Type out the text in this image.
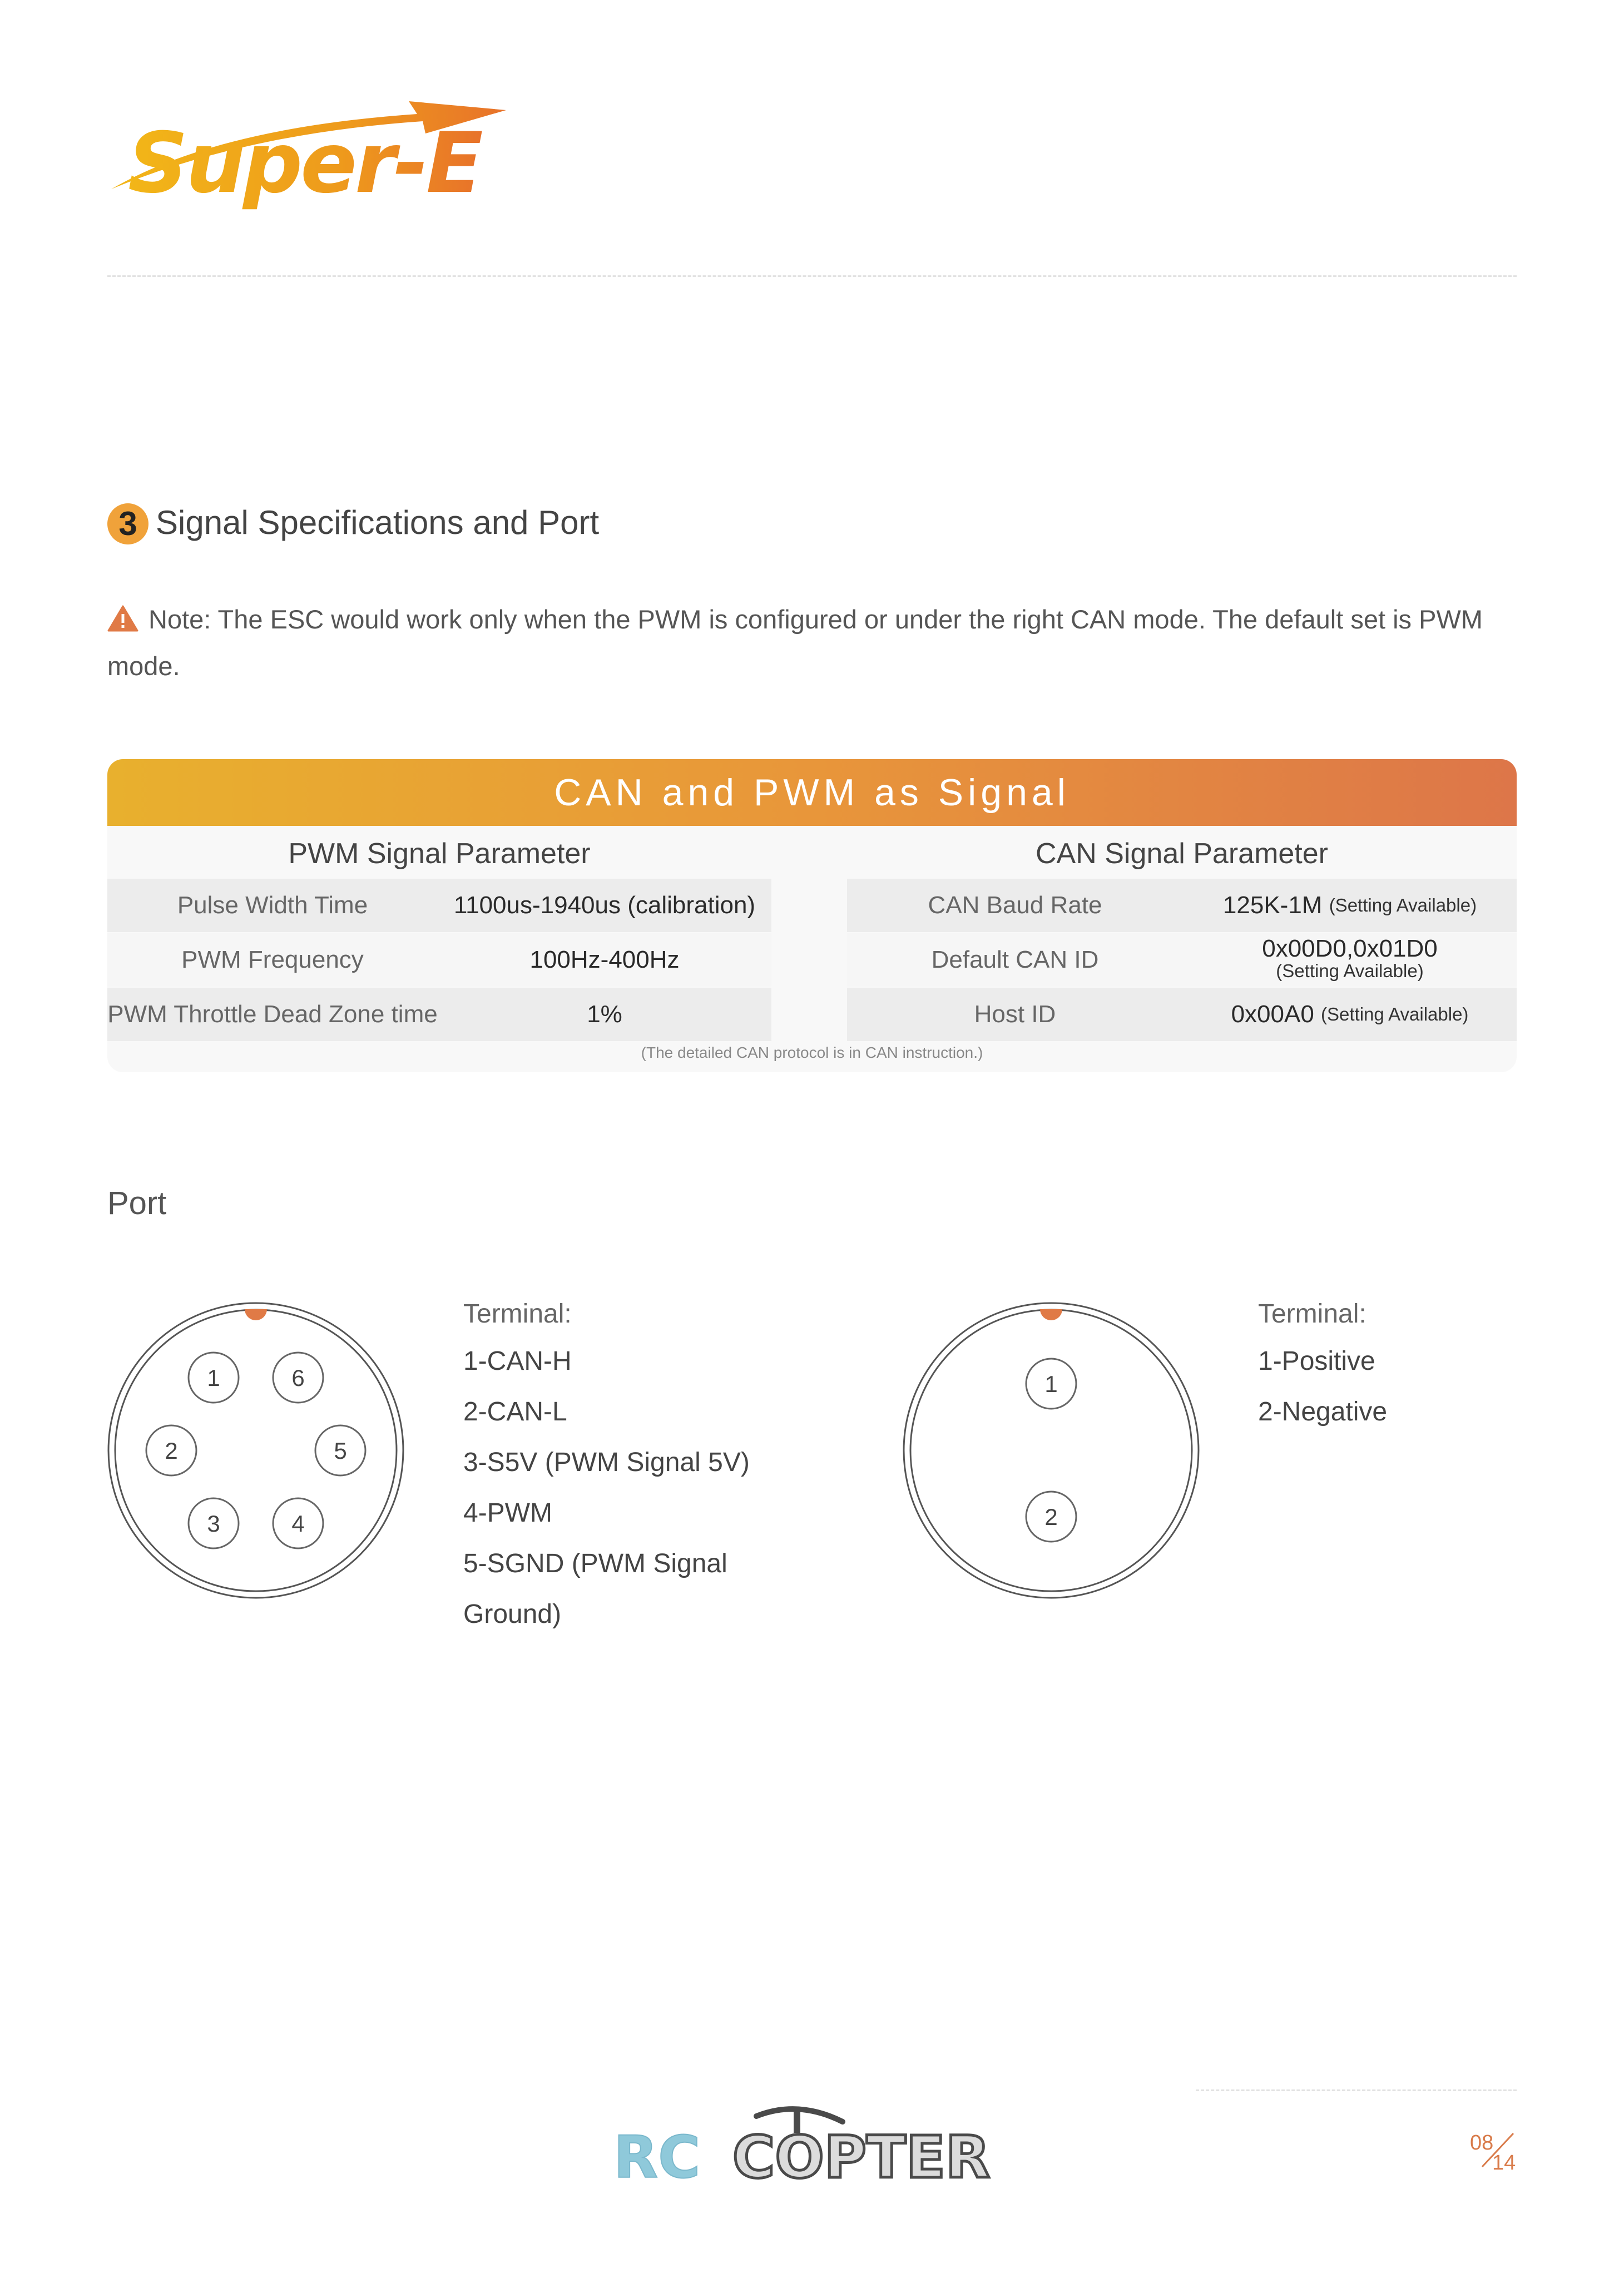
Super-E
3 Signal Specifications and Port
Note: The ESC would work only when the PWM is configured or under the right CAN mode. The default set is PWM mode.
CAN and PWM as Signal
PWM Signal Parameter	CAN Signal Parameter
Pulse Width Time	1100us-1940us (calibration)
PWM Frequency	100Hz-400Hz
PWM Throttle Dead Zone time	1%
CAN Baud Rate	125K-1M
(Setting Available)
Default CAN ID	0x00D0,0x01D0
(Setting Available)
Host ID	0x00A0
(Setting Available)
(The detailed CAN protocol is in CAN instruction.)
Port
1	6
2	5
3	4
Terminal:
1-CAN-H
2-CAN-L
3-S5V (PWM Signal 5V)
4-PWM
5-SGND (PWM Signal
Ground)
1
2
Terminal:
1-Positive
2-Negative
RC COPTER	08
14
